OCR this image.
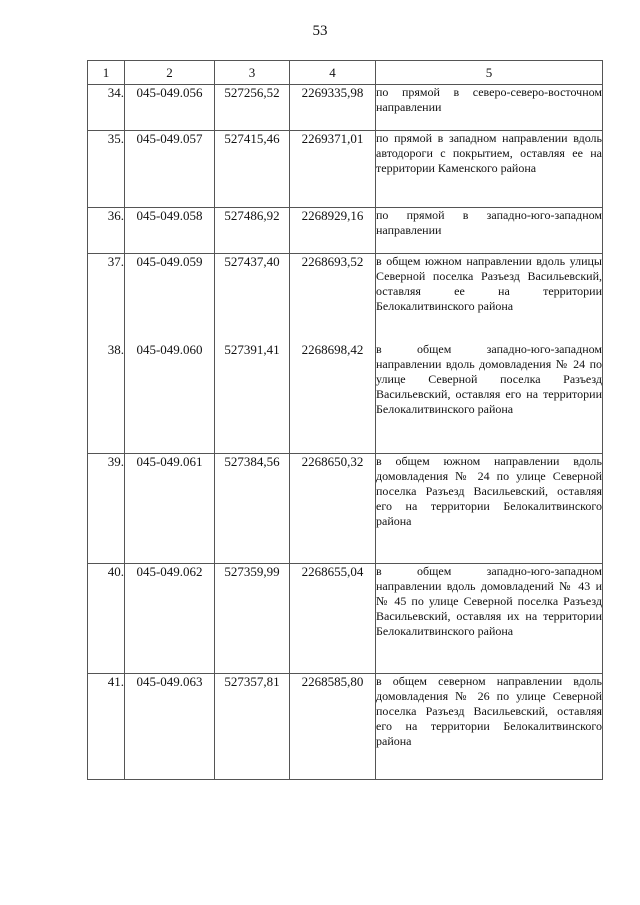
53
1	2	3	4	5
34.	045-049.056	527256,52	2269335,98	по прямой в северо-северо-восточном направлении
35.	045-049.057	527415,46	2269371,01	по прямой в западном направлении вдоль автодороги с покрытием, оставляя ее на территории Каменского района
36.	045-049.058	527486,92	2268929,16	по прямой в западно-юго-западном направлении
37.	045-049.059	527437,40	2268693,52	в общем южном направлении вдоль улицы Северной поселка Разъезд Васильевский, оставляя ее на территории Белокалитвинского района
38.	045-049.060	527391,41	2268698,42	в общем западно-юго-западном направлении вдоль домовладения № 24 по улице Северной поселка Разъезд Васильевский, оставляя его на территории Белокалитвинского района
39.	045-049.061	527384,56	2268650,32	в общем южном направлении вдоль домовладения № 24 по улице Северной поселка Разъезд Васильевский, оставляя его на территории Белокалитвинского района
40.	045-049.062	527359,99	2268655,04	в общем западно-юго-западном направлении вдоль домовладений № 43 и № 45 по улице Северной поселка Разъезд Васильевский, оставляя их на территории Белокалитвинского района
41.	045-049.063	527357,81	2268585,80	в общем северном направлении вдоль домовладения № 26 по улице Северной поселка Разъезд Васильевский, оставляя его на территории Белокалитвинского района
